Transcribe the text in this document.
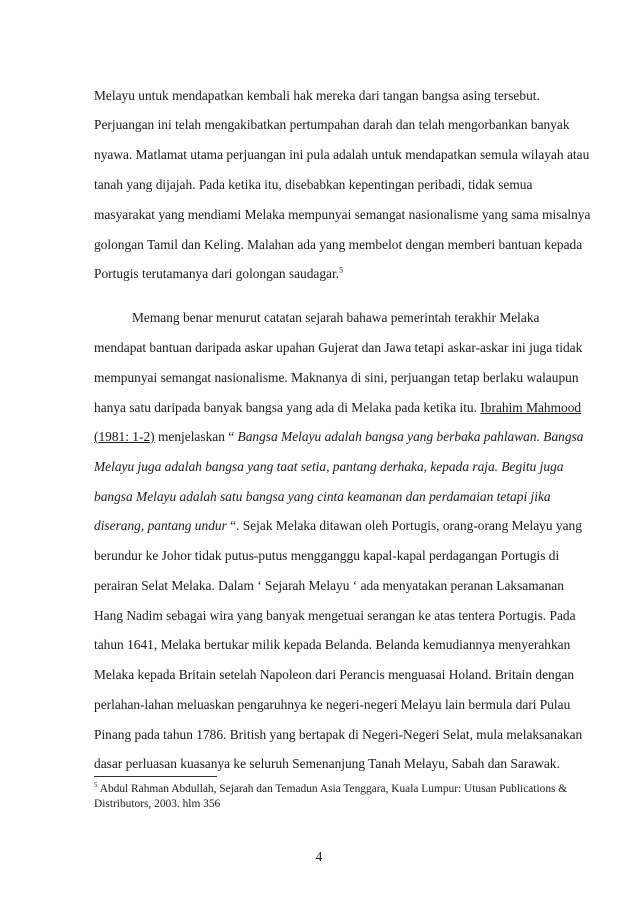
Melayu untuk mendapatkan kembali hak mereka dari tangan bangsa asing tersebut.
Perjuangan ini telah mengakibatkan pertumpahan darah dan telah mengorbankan banyak
nyawa. Matlamat utama perjuangan ini pula adalah untuk mendapatkan semula wilayah atau
tanah yang dijajah. Pada ketika itu, disebabkan kepentingan peribadi, tidak semua
masyarakat yang mendiami Melaka mempunyai semangat nasionalisme yang sama misalnya
golongan Tamil dan Keling. Malahan ada yang membelot dengan memberi bantuan kepada
Portugis terutamanya dari golongan saudagar.$^5$
Memang benar menurut catatan sejarah bahawa pemerintah terakhir Melaka
mendapat bantuan daripada askar upahan Gujerat dan Jawa tetapi askar-askar ini juga tidak
mempunyai semangat nasionalisme. Maknanya di sini, perjuangan tetap berlaku walaupun
hanya satu daripada banyak bangsa yang ada di Melaka pada ketika itu. Ibrahim Mahmood
(1981: 1-2) menjelaskan “ Bangsa Melayu adalah bangsa yang berbaka pahlawan. Bangsa
Melayu juga adalah bangsa yang taat setia, pantang derhaka, kepada raja. Begitu juga
bangsa Melayu adalah satu bangsa yang cinta keamanan dan perdamaian tetapi jika
diserang, pantang undur “. Sejak Melaka ditawan oleh Portugis, orang-orang Melayu yang
berundur ke Johor tidak putus-putus mengganggu kapal-kapal perdagangan Portugis di
perairan Selat Melaka. Dalam ‘ Sejarah Melayu ‘ ada menyatakan peranan Laksamanan
Hang Nadim sebagai wira yang banyak mengetuai serangan ke atas tentera Portugis. Pada
tahun 1641, Melaka bertukar milik kepada Belanda. Belanda kemudiannya menyerahkan
Melaka kepada Britain setelah Napoleon dari Perancis menguasai Holand. Britain dengan
perlahan-lahan meluaskan pengaruhnya ke negeri-negeri Melayu lain bermula dari Pulau
Pinang pada tahun 1786. British yang bertapak di Negeri-Negeri Selat, mula melaksanakan
dasar perluasan kuasanya ke seluruh Semenanjung Tanah Melayu, Sabah dan Sarawak.
$^5$ Abdul Rahman Abdullah, Sejarah dan Temadun Asia Tenggara, Kuala Lumpur: Utusan Publications &
Distributors, 2003. hlm 356
4
